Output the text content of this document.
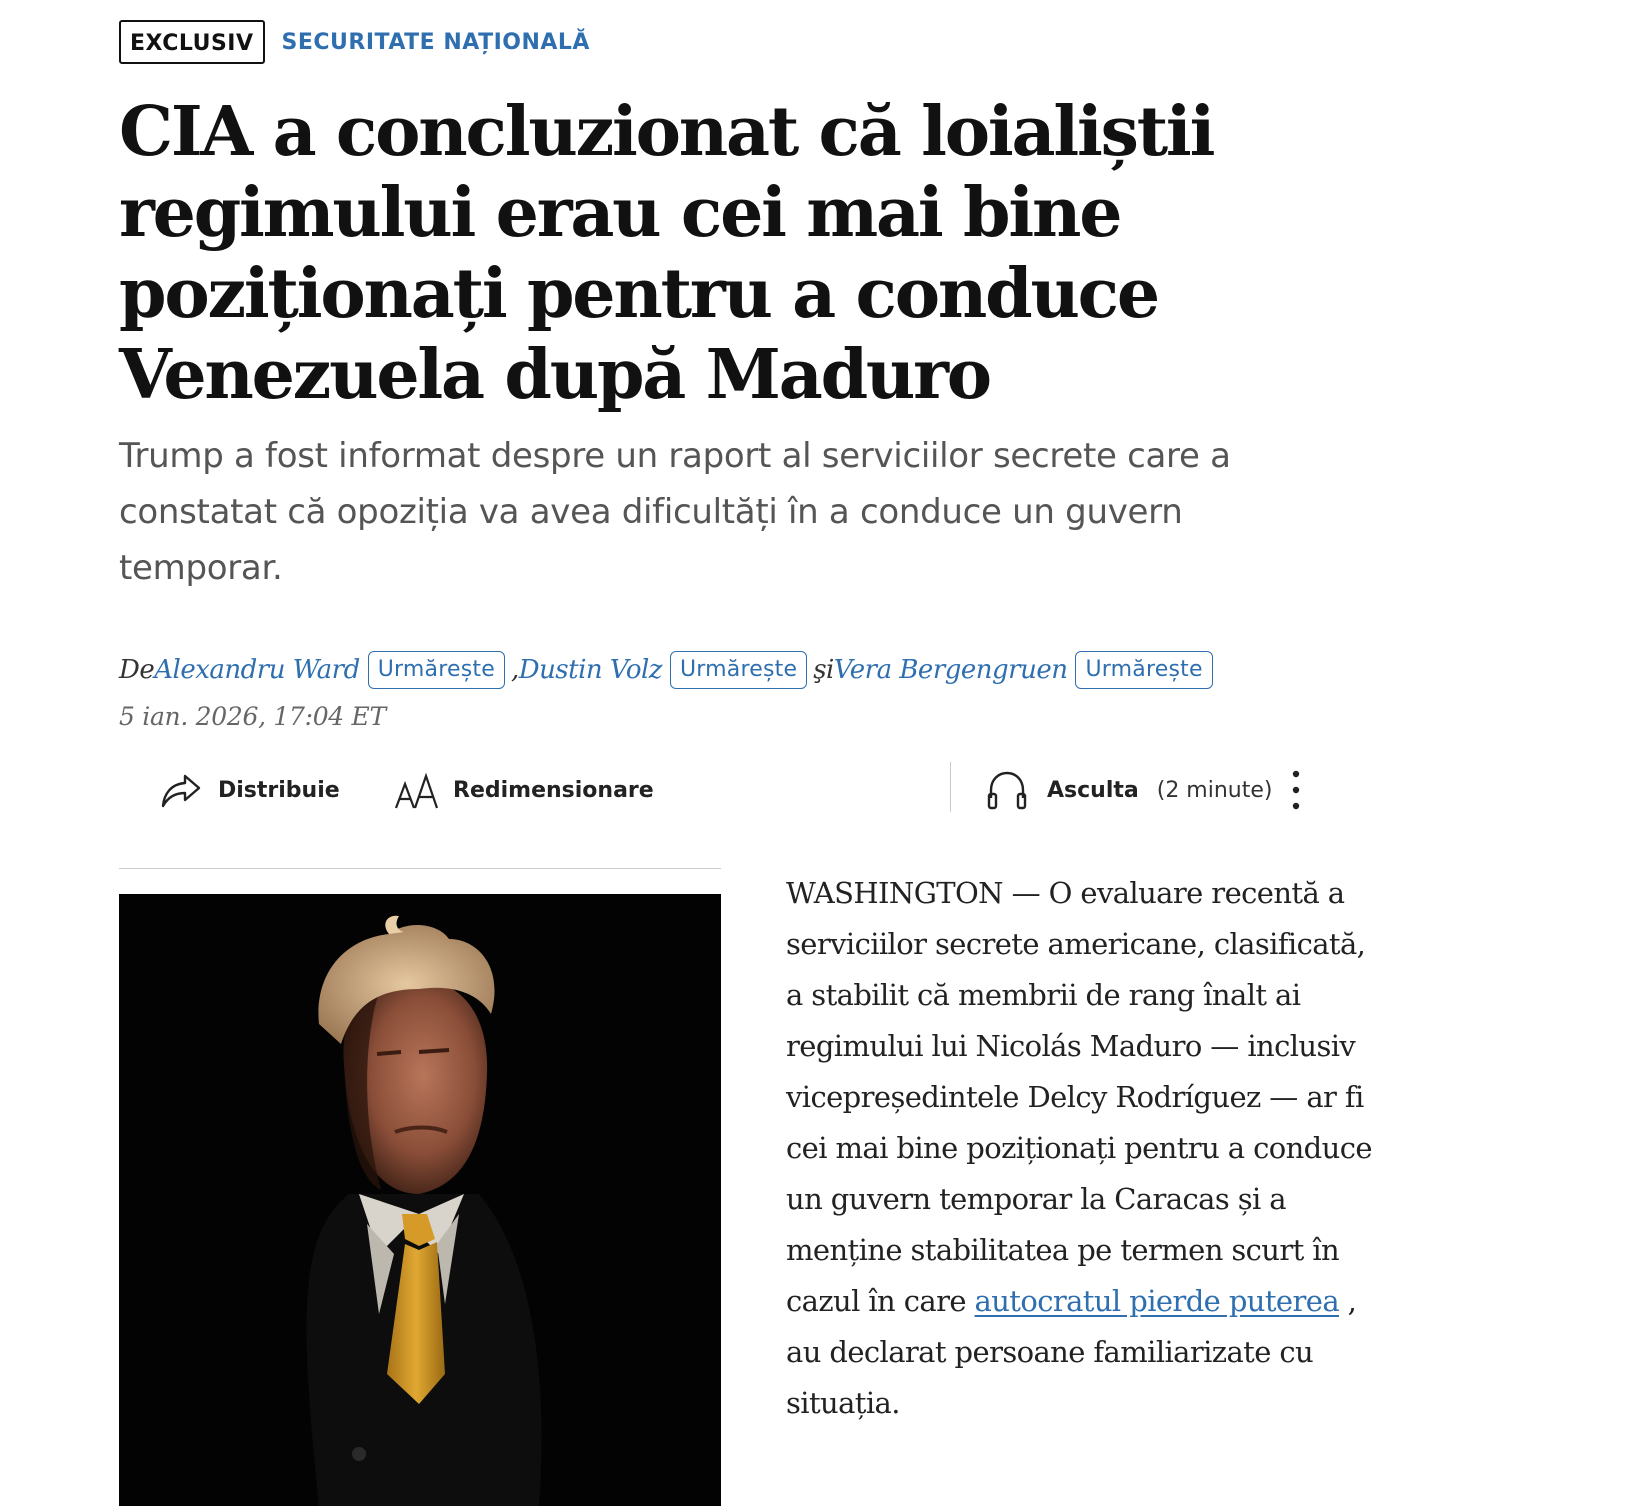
EXCLUSIV	SECURITATE NAȚIONALĂ
CIA a concluzionat că loialiștii regimului erau cei mai bine poziționați pentru a conduce Venezuela după Maduro

Trump a fost informat despre un raport al serviciilor secrete care a constatat că opoziția va avea dificultăți în a conduce un guvern temporar.

De Alexandru Ward Urmărește , Dustin Volz Urmărește şi Vera Bergengruen Urmărește
5 ian. 2026, 17:04 ET
Distribuie	Redimensionare	Asculta (2 minute)

WASHINGTON — O evaluare recentă a serviciilor secrete americane, clasificată, a stabilit că membrii de rang înalt ai regimului lui Nicolás Maduro — inclusiv vicepreședintele Delcy Rodríguez — ar fi cei mai bine poziționați pentru a conduce un guvern temporar la Caracas și a menține stabilitatea pe termen scurt în cazul în care autocratul pierde puterea , au declarat persoane familiarizate cu situația.
